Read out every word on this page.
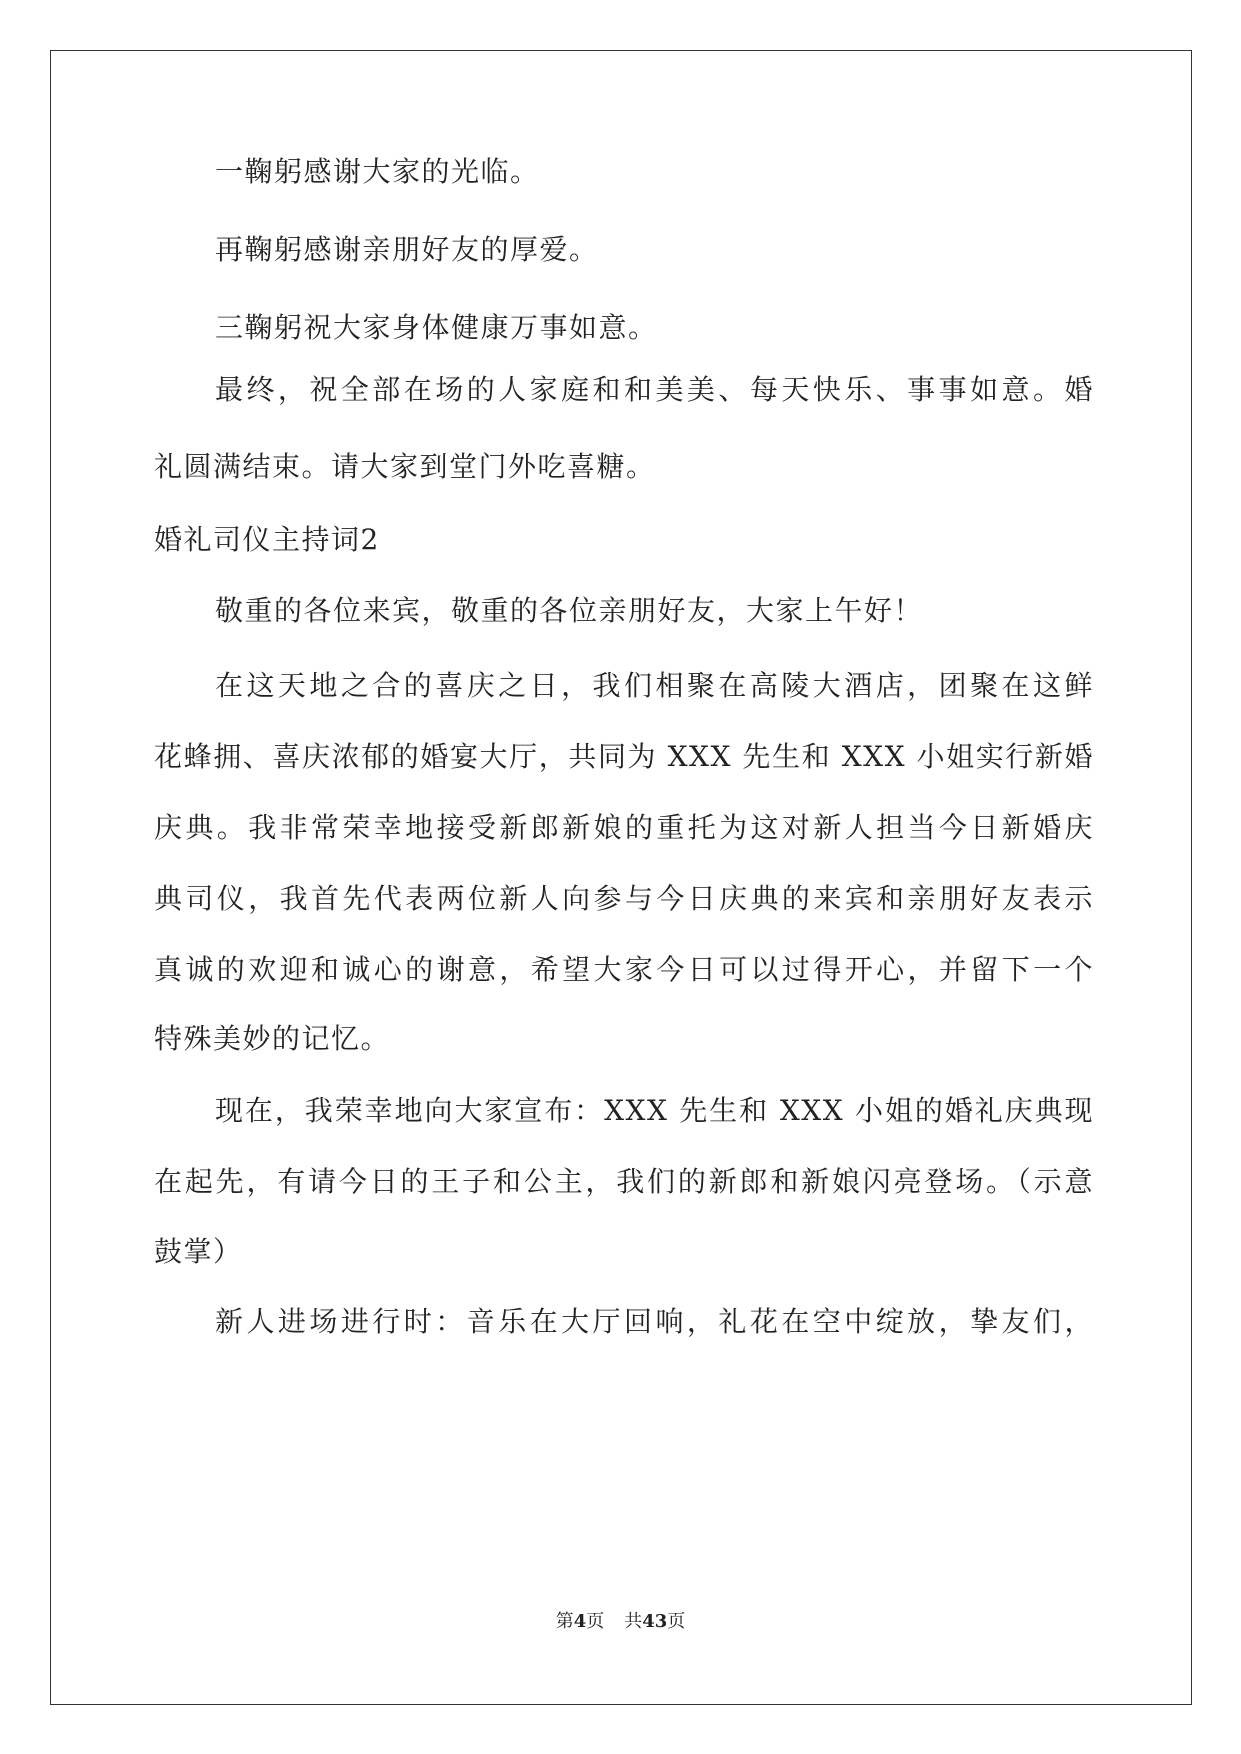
一鞠躬感谢大家的光临。
再鞠躬感谢亲朋好友的厚爱。
三鞠躬祝大家身体健康万事如意。
最终，祝全部在场的人家庭和和美美、每天快乐、事事如意。婚
礼圆满结束。请大家到堂门外吃喜糖。
婚礼司仪主持词2
敬重的各位来宾，敬重的各位亲朋好友，大家上午好！
在这天地之合的喜庆之日，我们相聚在高陵大酒店，团聚在这鲜
花蜂拥、喜庆浓郁的婚宴大厅，共同为 XXX 先生和 XXX 小姐实行新婚
庆典。我非常荣幸地接受新郎新娘的重托为这对新人担当今日新婚庆
典司仪，我首先代表两位新人向参与今日庆典的来宾和亲朋好友表示
真诚的欢迎和诚心的谢意，希望大家今日可以过得开心，并留下一个
特殊美妙的记忆。
现在，我荣幸地向大家宣布：XXX 先生和 XXX 小姐的婚礼庆典现
在起先，有请今日的王子和公主，我们的新郎和新娘闪亮登场。（示意
鼓掌）
新人进场进行时：音乐在大厅回响，礼花在空中绽放，挚友们，
第4页 共43页
